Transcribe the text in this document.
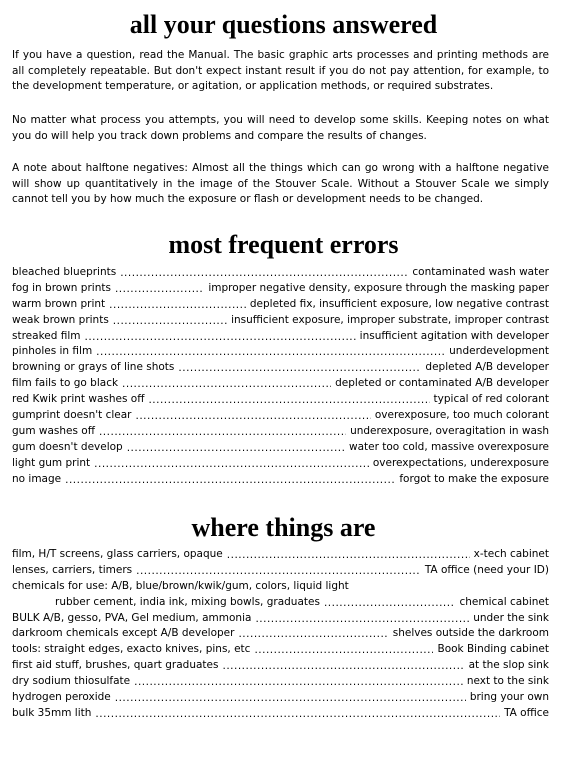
all your questions answered

If you have a question, read the Manual. The basic graphic arts processes and printing methods are all completely repeatable. But don't expect instant result if you do not pay attention, for example, to the development temperature, or agitation, or application methods, or required substrates.

No matter what process you attempts, you will need to develop some skills. Keeping notes on what you do will help you track down problems and compare the results of changes.

A note about halftone negatives: Almost all the things which can go wrong with a halftone negative will show up quantitatively in the image of the Stouver Scale. Without a Stouver Scale we simply cannot tell you by how much the exposure or flash or development needs to be changed.

most frequent errors
bleached blueprints .....	contaminated wash water
fog in brown prints .....	improper negative density, exposure through the masking paper
warm brown print .....	depleted fix, insufficient exposure, low negative contrast
weak brown prints .....	insufficient exposure, improper substrate, improper contrast
streaked film .....	insufficient agitation with developer
pinholes in film .....	underdevelopment
browning or grays of line shots .....	depleted A/B developer
film fails to go black .....	depleted or contaminated A/B developer
red Kwik print washes off .....	typical of red colorant
gumprint doesn't clear .....	overexposure, too much colorant
gum washes off .....	underexposure, overagitation in wash
gum doesn't develop .....	water too cold, massive overexposure
light gum print .....	overexpectations, underexposure
no image .....	forgot to make the exposure
where things are
film, H/T screens, glass carriers, opaque .....	x-tech cabinet
lenses, carriers, timers .....	TA office (need your ID)
chemicals for use: A/B, blue/brown/kwik/gum, colors, liquid light
rubber cement, india ink, mixing bowls, graduates .....	chemical cabinet
BULK A/B, gesso, PVA, Gel medium, ammonia .....	under the sink
darkroom chemicals except A/B developer .....	shelves outside the darkroom
tools: straight edges, exacto knives, pins, etc .....	Book Binding cabinet
first aid stuff, brushes, quart graduates .....	at the slop sink
dry sodium thiosulfate .....	next to the sink
hydrogen peroxide .....	bring your own
bulk 35mm lith .....	TA office
